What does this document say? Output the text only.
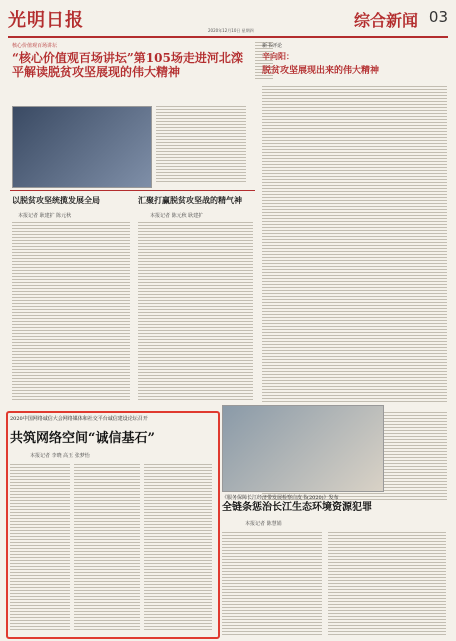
光明日报	2020年12月10日 星期四
综合新闻 03
核心价值观百场讲坛
“核心价值观百场讲坛”第105场走进河北滦平解读脱贫攻坚展现的伟大精神
以脱贫攻坚统揽发展全局
本报记者 耿建扩 陈元秋
汇聚打赢脱贫攻坚战的精气神
本报记者 陈元秋 耿建扩
新书评论
辛向阳：
脱贫攻坚展现出来的伟大精神
2020中国网络诚信大会网络媒体和社交平台诚信建设论坛召开
共筑网络空间“诚信基石”
本报记者 李晓 高玉 张梦怡
《服务保障长江经济带发展检察白皮书(2020)》发布
全链条惩治长江生态环境资源犯罪
本报记者 陈慧娟
